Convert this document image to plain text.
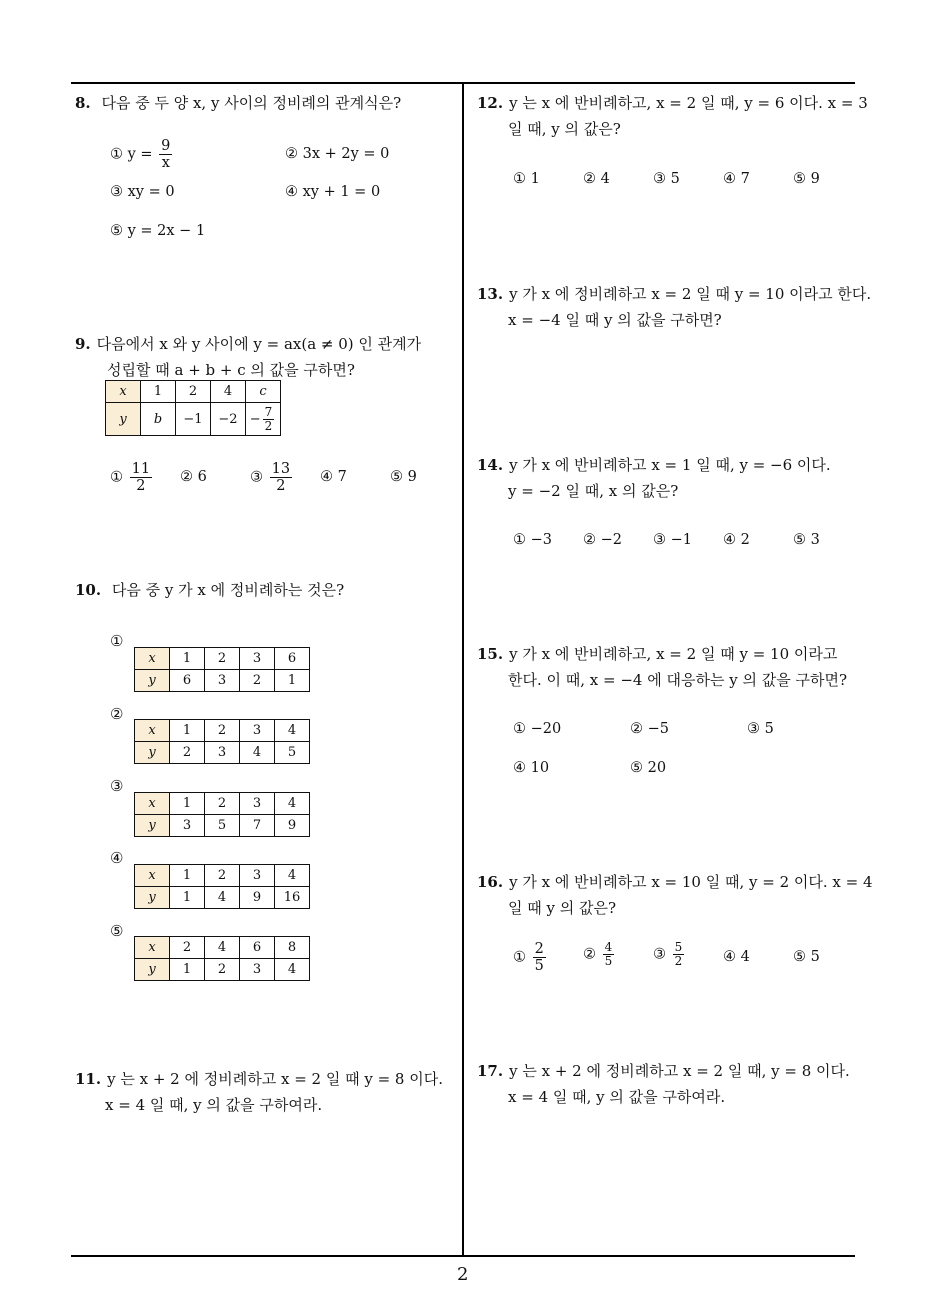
8. 다음 중 두 양 x, y 사이의 정비례의 관계식은?
① $y = \frac{9}{x}$	② 3x + 2y = 0
③ xy = 0	④ xy + 1 = 0
⑤ y = 2x − 1
9. 다음에서 x 와 y 사이에 y = ax(a ≠ 0) 인 관계가
성립할 때 a + b + c 의 값을 구하면?
x	1	2	4	c
y	b	−1	−2	− $\frac{7}{2}$
① $\frac{11}{2}$ ② 6	③ $\frac{13}{2}$ ④ 7	⑤ 9
10. 다음 중 y 가 x 에 정비례하는 것은?
①
x	1	2	3	6
y	6	3	2	1
②
x	1	2	3	4
y	2	3	4	5
③
x	1	2	3	4
y	3	5	7	9
④
x	1	2	3	4
y	1	4	9	16
⑤
x	2	4	6	8
y	1	2	3	4
11. y 는 x + 2 에 정비례하고 x = 2 일 때 y = 8 이다.
x = 4 일 때, y 의 값을 구하여라.
12. y 는 x 에 반비례하고, x = 2 일 때, y = 6 이다. x = 3
일 때, y 의 값은?
① 1	② 4	③ 5	④ 7	⑤ 9
13. y 가 x 에 정비례하고 x = 2 일 때 y = 10 이라고 한다.
x = −4 일 때 y 의 값을 구하면?
14. y 가 x 에 반비례하고 x = 1 일 때, y = −6 이다.
y = −2 일 때, x 의 값은?
① −3 ② −2 ③ −1 ④ 2	⑤ 3
15. y 가 x 에 반비례하고, x = 2 일 때 y = 10 이라고
한다. 이 때, x = −4 에 대응하는 y 의 값을 구하면?
① −20	② −5	③ 5
④ 10	⑤ 20
16. y 가 x 에 반비례하고 x = 10 일 때, y = 2 이다. x = 4
일 때 y 의 값은?
① $\frac{2}{5}$	② $\frac{4}{5}$	③ $\frac{5}{2}$	④ 4	⑤ 5
17. y 는 x + 2 에 정비례하고 x = 2 일 때, y = 8 이다.
x = 4 일 때, y 의 값을 구하여라.
2
